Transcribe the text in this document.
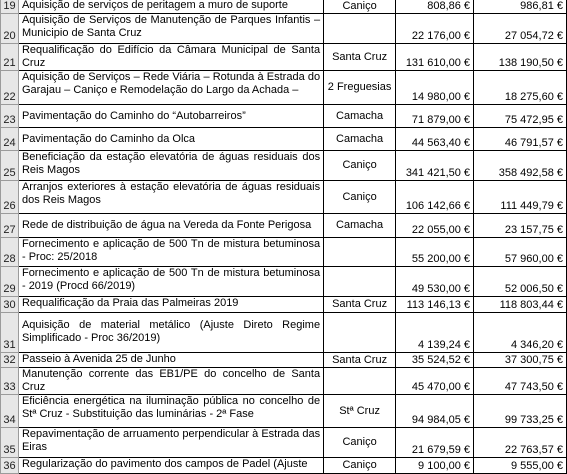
19	Aquisição de serviços de peritagem a muro de suporte	Caniço	808,86 €	986,81 €
20	Aquisição de Serviços de Manutenção de Parques Infantis – Municipio de Santa Cruz		22 176,00 €	27 054,72 €
21	Requalificação do Edifício da Câmara Municipal de Santa Cruz	Santa Cruz	131 610,00 €	138 190,50 €
22	Aquisição de Serviços – Rede Viária – Rotunda à Estrada do Garajau – Caniço e Remodelação do Largo da Achada –	2 Freguesias	14 980,00 €	18 275,60 €
23	Pavimentação do Caminho do “Autobarreiros”	Camacha	71 879,00 €	75 472,95 €
24	Pavimentação do Caminho da Olca	Camacha	44 563,40 €	46 791,57 €
25	Beneficiação da estação elevatória de águas residuais dos Reis Magos	Caniço	341 421,50 €	358 492,58 €
26	Arranjos exteriores à estação elevatória de águas residuais dos Reis Magos	Caniço	106 142,66 €	111 449,79 €
27	Rede de distribuição de água na Vereda da Fonte Perigosa	Camacha	22 055,00 €	23 157,75 €
28	Fornecimento e aplicação de 500 Tn de mistura betuminosa - Proc: 25/2018		55 200,00 €	57 960,00 €
29	Fornecimento e aplicação de 500 Tn de mistura betuminosa - 2019 (Procd 66/2019)		49 530,00 €	52 006,50 €
30	Requalificação da Praia das Palmeiras 2019	Santa Cruz	113 146,13 €	118 803,44 €
31	Aquisição de material metálico (Ajuste Direto Regime Simplificado - Proc 36/2019)		4 139,24 €	4 346,20 €
32	Passeio à Avenida 25 de Junho	Santa Cruz	35 524,52 €	37 300,75 €
33	Manutenção corrente das EB1/PE do concelho de Santa Cruz		45 470,00 €	47 743,50 €
34	Eficiência energética na iluminação pública no concelho de Stª Cruz - Substituição das luminárias - 2ª Fase	Stª Cruz	94 984,05 €	99 733,25 €
35	Repavimentação de arruamento perpendicular à Estrada das Eiras	Caniço	21 679,59 €	22 763,57 €
36	Regularização do pavimento dos campos de Padel (Ajuste	Caniço	9 100,00 €	9 555,00 €
